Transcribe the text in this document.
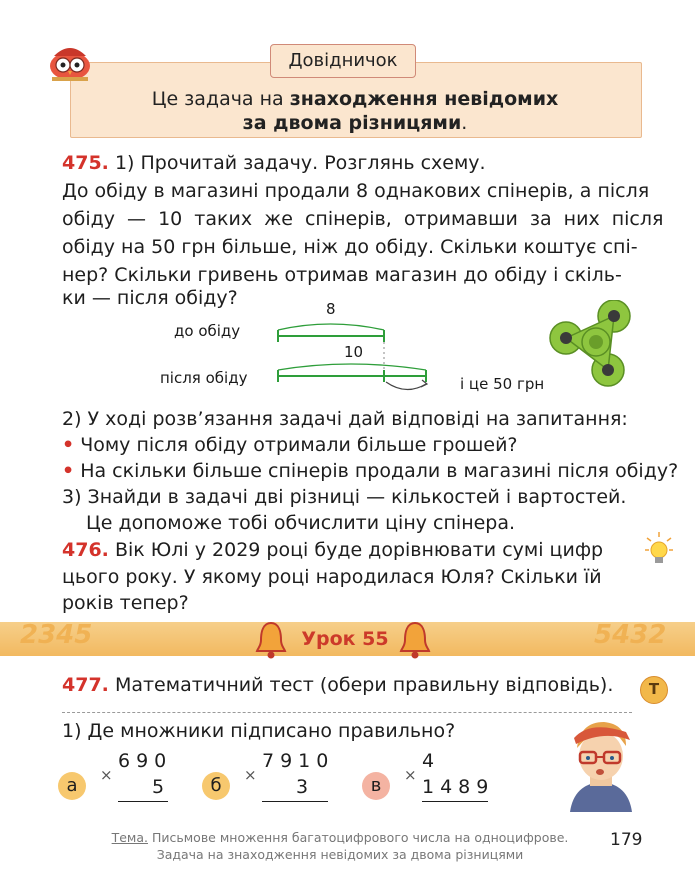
Довідничок
Це задача на знаходження невідомих
за двома різницями.
475. 1) Прочитай задачу. Розглянь схему.
До обіду в магазині продали 8 однакових спінерів, а після
обіду — 10 таких же спінерів, отримавши за них після
обіду на 50 грн більше, ніж до обіду. Скільки коштує спі-
нер? Скільки гривень отримав магазин до обіду і скіль-
ки — після обіду?
до обіду
після обіду
8
10
і це 50 грн
2) У ході розв’язання задачі дай відповіді на запитання:
• Чому після обіду отримали більше грошей?
• На скільки більше спінерів продали в магазині після обіду?
3) Знайди в задачі дві різниці — кількостей і вартостей.
Це допоможе тобі обчислити ціну спінера.
476. Вік Юлі у 2029 році буде дорівнювати сумі цифр
цього року. У якому році народилася Юля? Скільки їй
років тепер?
2345	5432
Урок 55
477. Математичний тест (обери правильну відповідь).	Т
1) Де множники підписано правильно?
а	×
690
5	б	×
7910
3	в	×
4
1489
Тема. Письмове множення багатоцифрового числа на одноцифрове.
Задача на знаходження невідомих за двома різницями
179
